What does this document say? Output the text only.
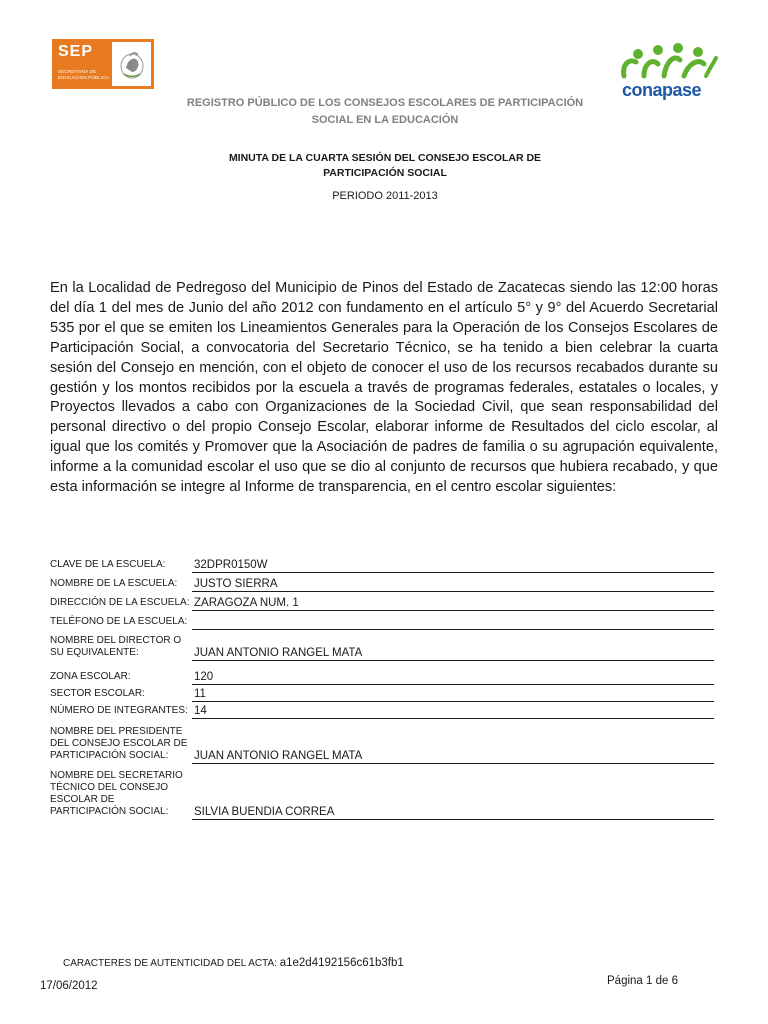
SEP
SECRETARÍA DE
EDUCACIÓN PÚBLICA
conapase
REGISTRO PÚBLICO DE LOS CONSEJOS ESCOLARES DE PARTICIPACIÓN
SOCIAL EN LA EDUCACIÓN
MINUTA DE LA CUARTA SESIÓN DEL CONSEJO ESCOLAR DE
PARTICIPACIÓN SOCIAL
PERIODO 2011-2013
En la Localidad de Pedregoso del Municipio de Pinos del Estado de Zacatecas siendo las 12:00 horas del día 1 del mes de Junio del año 2012 con fundamento en el artículo 5° y 9° del Acuerdo Secretarial 535 por el que se emiten los Lineamientos Generales para la Operación de los Consejos Escolares de Participación Social, a convocatoria del Secretario Técnico, se ha tenido a bien celebrar la cuarta sesión del Consejo en mención, con el objeto de conocer el uso de los recursos recabados durante su gestión y los montos recibidos por la escuela a través de programas federales, estatales o locales, y Proyectos llevados a cabo con Organizaciones de la Sociedad Civil, que sean responsabilidad del personal directivo o del propio Consejo Escolar, elaborar informe de Resultados del ciclo escolar, al igual que los comités y Promover que la Asociación de padres de familia o su agrupación equivalente, informe a la comunidad escolar el uso que se dio al conjunto de recursos que hubiera recabado, y que esta información se integre al Informe de transparencia, en el centro escolar siguientes:
CLAVE DE LA ESCUELA:	32DPR0150W
NOMBRE DE LA ESCUELA:	JUSTO SIERRA
DIRECCIÓN DE LA ESCUELA: ZARAGOZA NUM. 1
TELÉFONO DE LA ESCUELA:
NOMBRE DEL DIRECTOR O SU EQUIVALENTE:	JUAN ANTONIO RANGEL MATA
ZONA ESCOLAR:	120
SECTOR ESCOLAR:	11
NÚMERO DE INTEGRANTES: 14
NOMBRE DEL PRESIDENTE DEL CONSEJO ESCOLAR DE PARTICIPACIÓN SOCIAL:	JUAN ANTONIO RANGEL MATA
NOMBRE DEL SECRETARIO TÉCNICO DEL CONSEJO ESCOLAR DE PARTICIPACIÓN SOCIAL:	SILVIA BUENDIA CORREA
CARACTERES DE AUTENTICIDAD DEL ACTA: a1e2d4192156c61b3fb1
17/06/2012	Página 1 de 6
